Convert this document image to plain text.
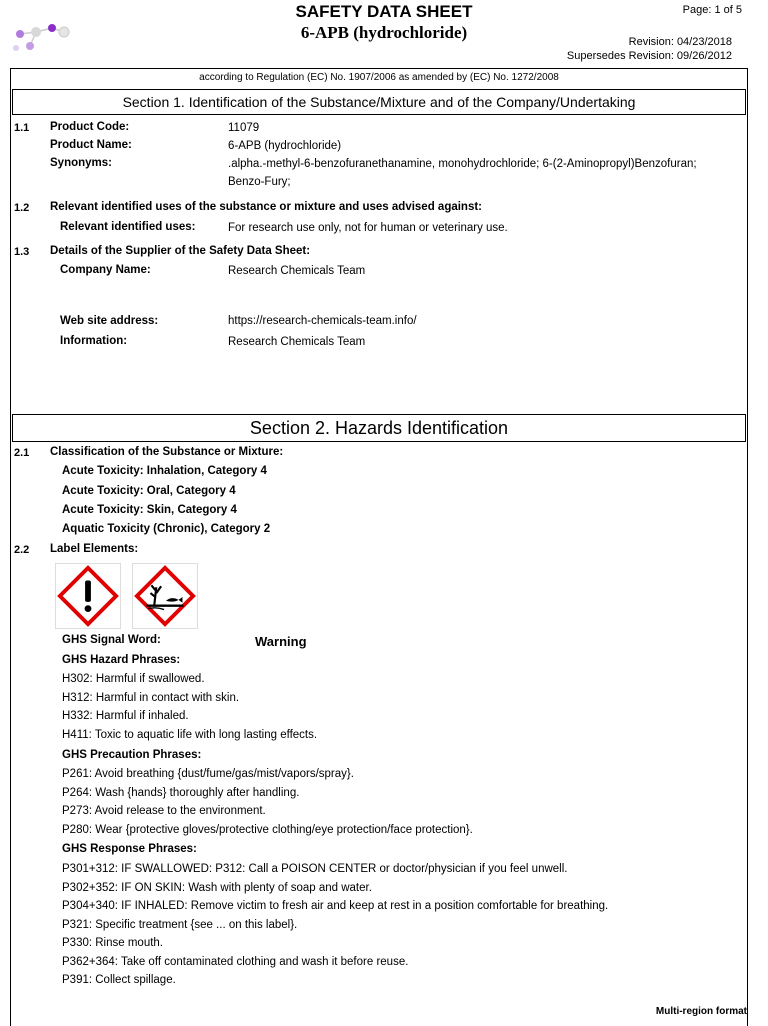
SAFETY DATA SHEET
6-APB (hydrochloride)
Page: 1 of 5
Revision: 04/23/2018
Supersedes Revision: 09/26/2012
according to Regulation (EC) No. 1907/2006 as amended by (EC) No. 1272/2008
Section 1. Identification of the Substance/Mixture and of the Company/Undertaking
1.1 Product Code:	11079
Product Name:	6-APB (hydrochloride)
Synonyms:	.alpha.-methyl-6-benzofuranethanamine, monohydrochloride; 6-(2-Aminopropyl)Benzofuran;
Benzo-Fury;
1.2 Relevant identified uses of the substance or mixture and uses advised against:
Relevant identified uses:	For research use only, not for human or veterinary use.
1.3 Details of the Supplier of the Safety Data Sheet:
Company Name:	Research Chemicals Team
Web site address:	https://research-chemicals-team.info/
Information:	Research Chemicals Team
Section 2. Hazards Identification
2.1 Classification of the Substance or Mixture:
Acute Toxicity: Inhalation, Category 4
Acute Toxicity: Oral, Category 4
Acute Toxicity: Skin, Category 4
Aquatic Toxicity (Chronic), Category 2
2.2 Label Elements:
GHS Signal Word:	Warning
GHS Hazard Phrases:
H302: Harmful if swallowed.
H312: Harmful in contact with skin.
H332: Harmful if inhaled.
H411: Toxic to aquatic life with long lasting effects.
GHS Precaution Phrases:
P261: Avoid breathing {dust/fume/gas/mist/vapors/spray}.
P264: Wash {hands} thoroughly after handling.
P273: Avoid release to the environment.
P280: Wear {protective gloves/protective clothing/eye protection/face protection}.
GHS Response Phrases:
P301+312: IF SWALLOWED: P312: Call a POISON CENTER or doctor/physician if you feel unwell.
P302+352: IF ON SKIN: Wash with plenty of soap and water.
P304+340: IF INHALED: Remove victim to fresh air and keep at rest in a position comfortable for breathing.
P321: Specific treatment {see ... on this label}.
P330: Rinse mouth.
P362+364: Take off contaminated clothing and wash it before reuse.
P391: Collect spillage.
Multi-region format
